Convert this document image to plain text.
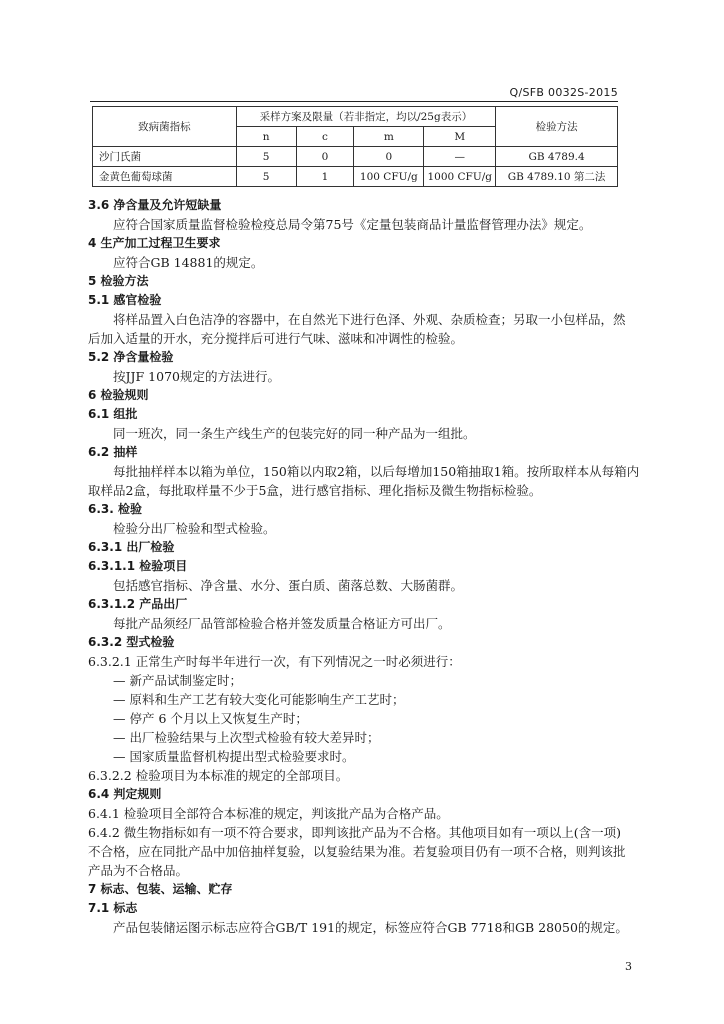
Q/SFB 0032S-2015
致病菌指标	采样方案及限量（若非指定，均以/25g表示）				检验方法
	n	c	m	M	
沙门氏菌	5	0	0	—	GB 4789.4
金黄色葡萄球菌	5	1	100 CFU/g	1000 CFU/g	GB 4789.10 第二法

3.6 净含量及允许短缺量

应符合国家质量监督检验检疫总局令第75号《定量包装商品计量监督管理办法》规定。

4 生产加工过程卫生要求

应符合GB 14881的规定。

5 检验方法

5.1 感官检验

将样品置入白色洁净的容器中，在自然光下进行色泽、外观、杂质检查；另取一小包样品，然

后加入适量的开水，充分搅拌后可进行气味、滋味和冲调性的检验。

5.2 净含量检验

按JJF 1070规定的方法进行。

6 检验规则

6.1 组批

同一班次，同一条生产线生产的包装完好的同一种产品为一组批。

6.2 抽样

每批抽样样本以箱为单位，150箱以内取2箱，以后每增加150箱抽取1箱。按所取样本从每箱内

取样品2盒，每批取样量不少于5盒，进行感官指标、理化指标及微生物指标检验。

6.3. 检验

检验分出厂检验和型式检验。

6.3.1 出厂检验

6.3.1.1 检验项目

包括感官指标、净含量、水分、蛋白质、菌落总数、大肠菌群。

6.3.1.2 产品出厂

每批产品须经厂品管部检验合格并签发质量合格证方可出厂。

6.3.2 型式检验

6.3.2.1 正常生产时每半年进行一次，有下列情况之一时必须进行：

— 新产品试制鉴定时；

— 原料和生产工艺有较大变化可能影响生产工艺时；

— 停产 6 个月以上又恢复生产时；

— 出厂检验结果与上次型式检验有较大差异时；

— 国家质量监督机构提出型式检验要求时。

6.3.2.2 检验项目为本标准的规定的全部项目。

6.4 判定规则

6.4.1 检验项目全部符合本标准的规定，判该批产品为合格产品。

6.4.2 微生物指标如有一项不符合要求，即判该批产品为不合格。其他项目如有一项以上(含一项)

不合格，应在同批产品中加倍抽样复验，以复验结果为准。若复验项目仍有一项不合格，则判该批

产品为不合格品。

7 标志、包装、运输、贮存

7.1 标志

产品包装储运图示标志应符合GB/T 191的规定，标签应符合GB 7718和GB 28050的规定。

3
